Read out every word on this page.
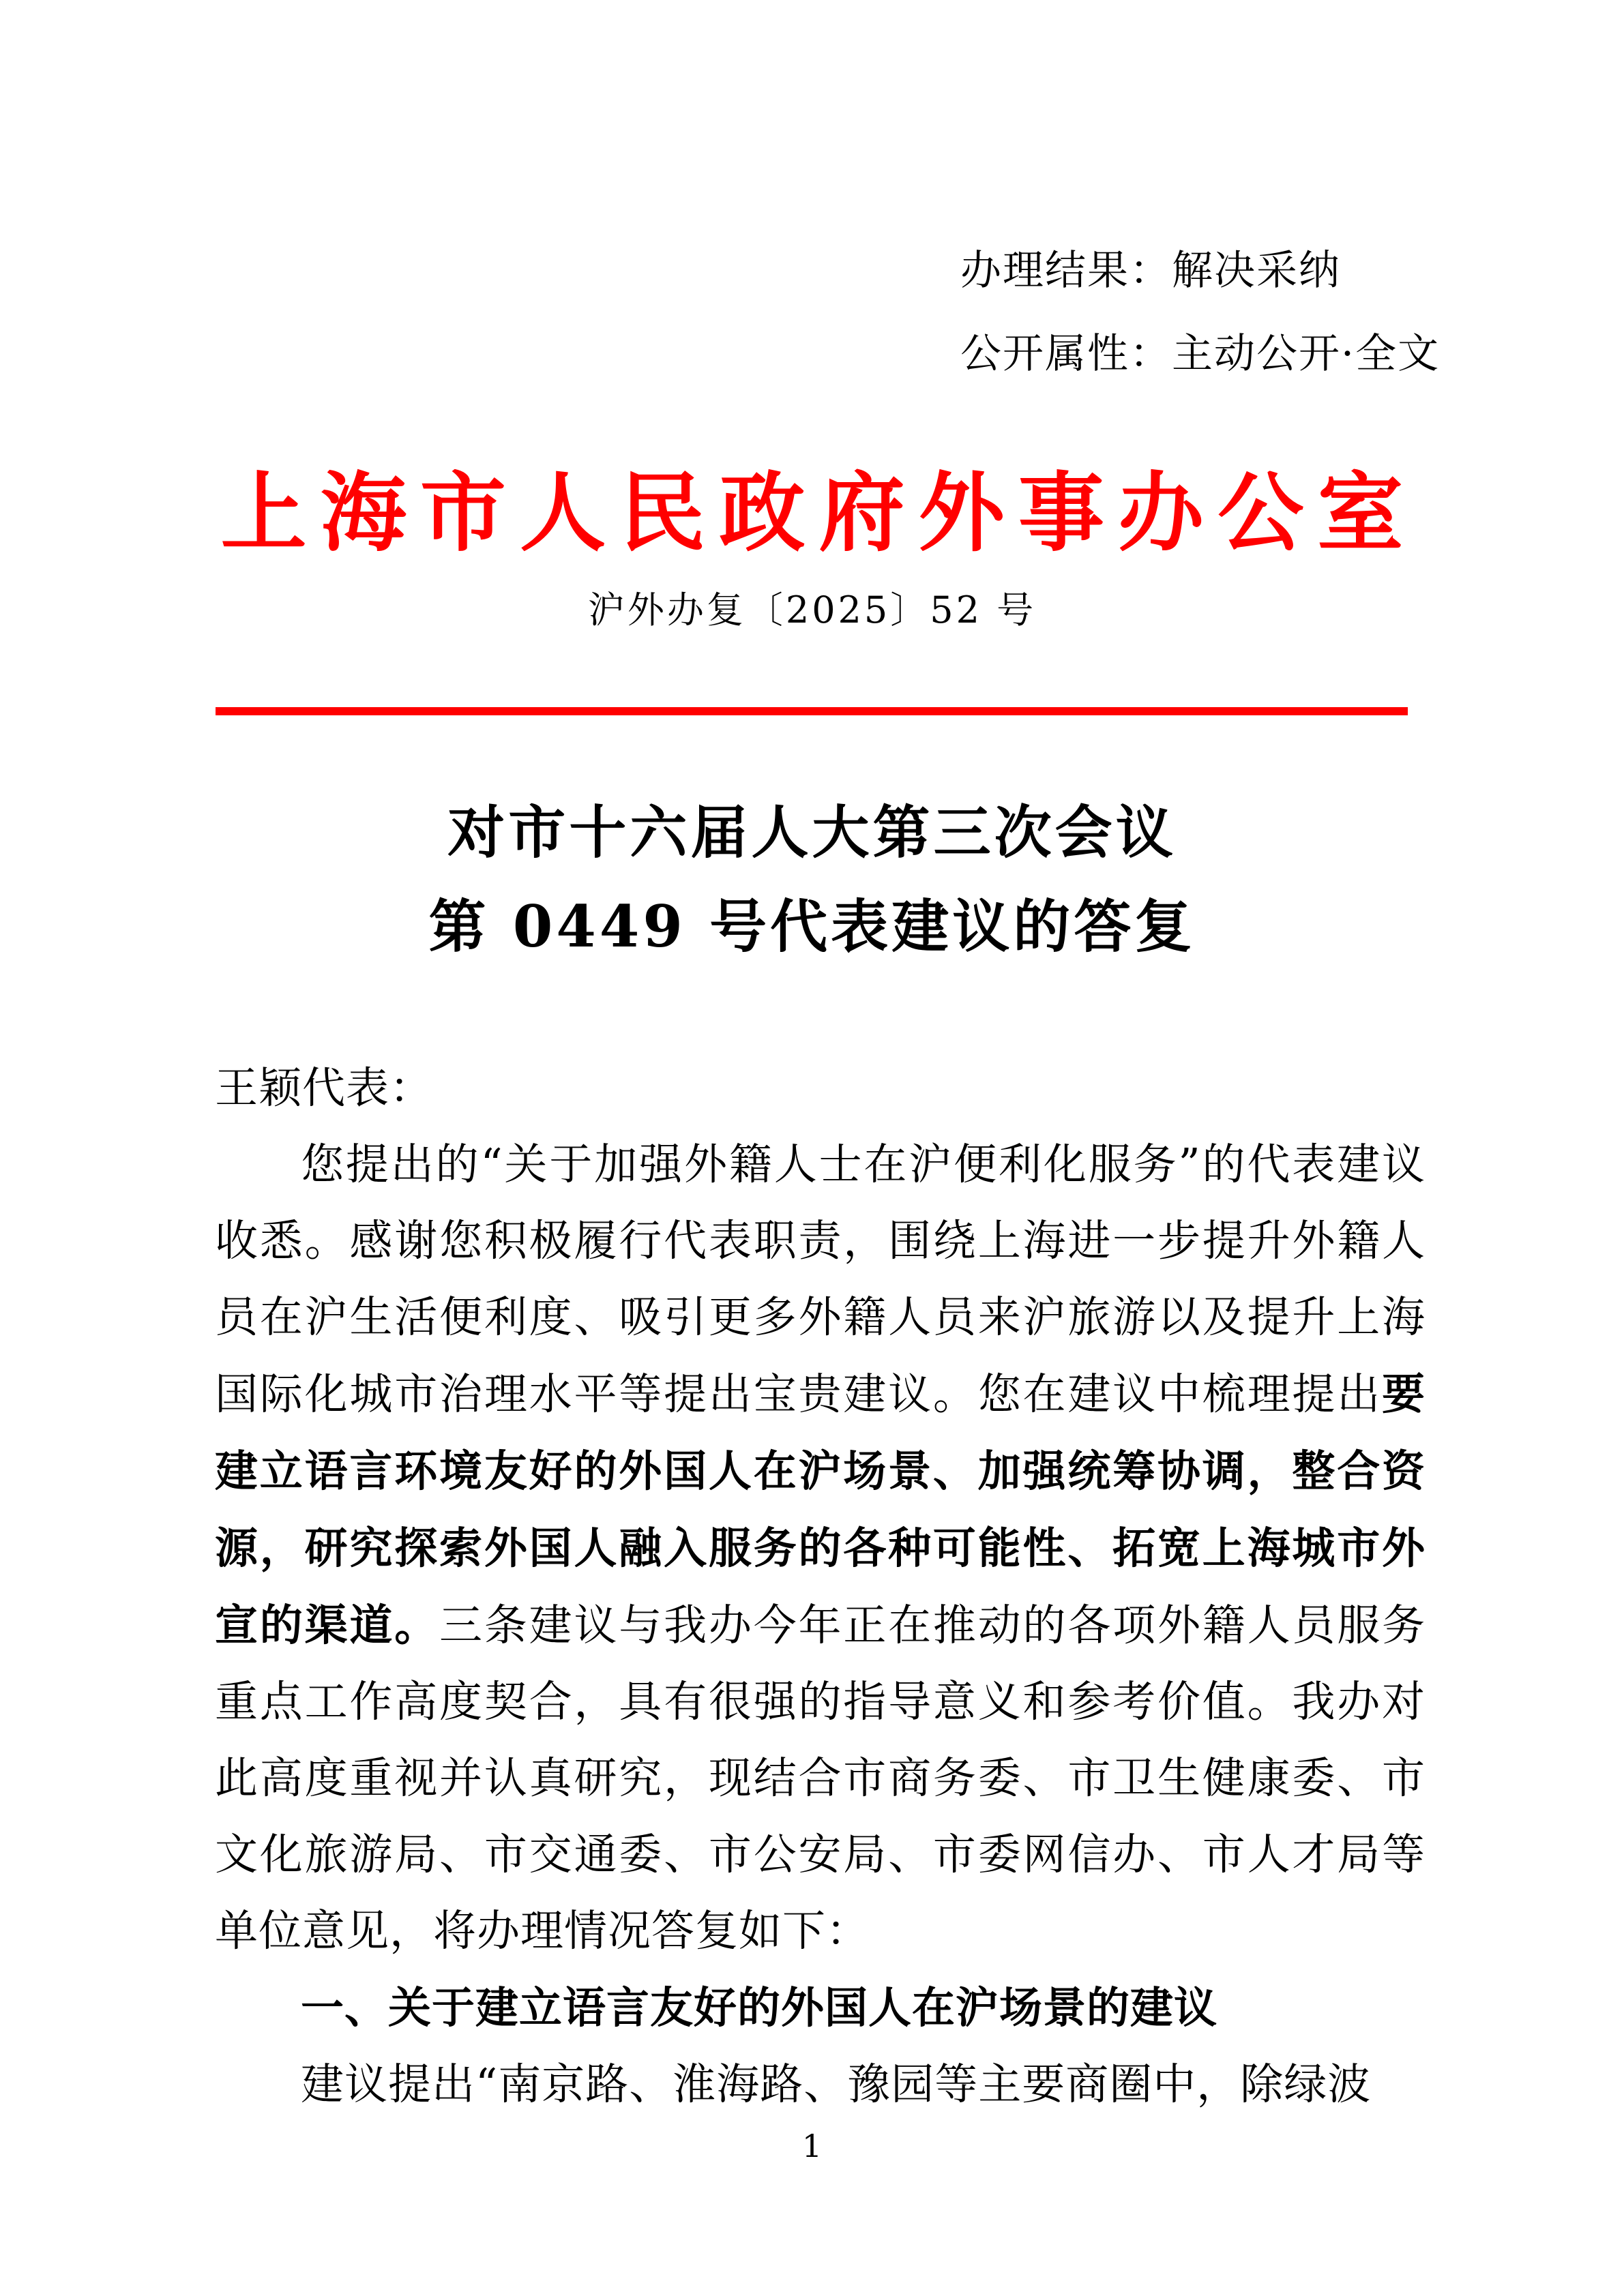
办理结果：解决采纳
公开属性：主动公开·全文
上海市人民政府外事办公室
沪外办复〔2025〕52 号
对市十六届人大第三次会议
第 0449 号代表建议的答复

王颖代表：

您提出的“关于加强外籍人士在沪便利化服务”的代表建议收悉。感谢您积极履行代表职责，围绕上海进一步提升外籍人员在沪生活便利度、吸引更多外籍人员来沪旅游以及提升上海国际化城市治理水平等提出宝贵建议。您在建议中梳理提出要建立语言环境友好的外国人在沪场景、加强统筹协调，整合资源，研究探索外国人融入服务的各种可能性、拓宽上海城市外宣的渠道。三条建议与我办今年正在推动的各项外籍人员服务重点工作高度契合，具有很强的指导意义和参考价值。我办对此高度重视并认真研究，现结合市商务委、市卫生健康委、市文化旅游局、市交通委、市公安局、市委网信办、市人才局等单位意见，将办理情况答复如下：

一、关于建立语言友好的外国人在沪场景的建议

建议提出“南京路、淮海路、豫园等主要商圈中，除绿波

1
